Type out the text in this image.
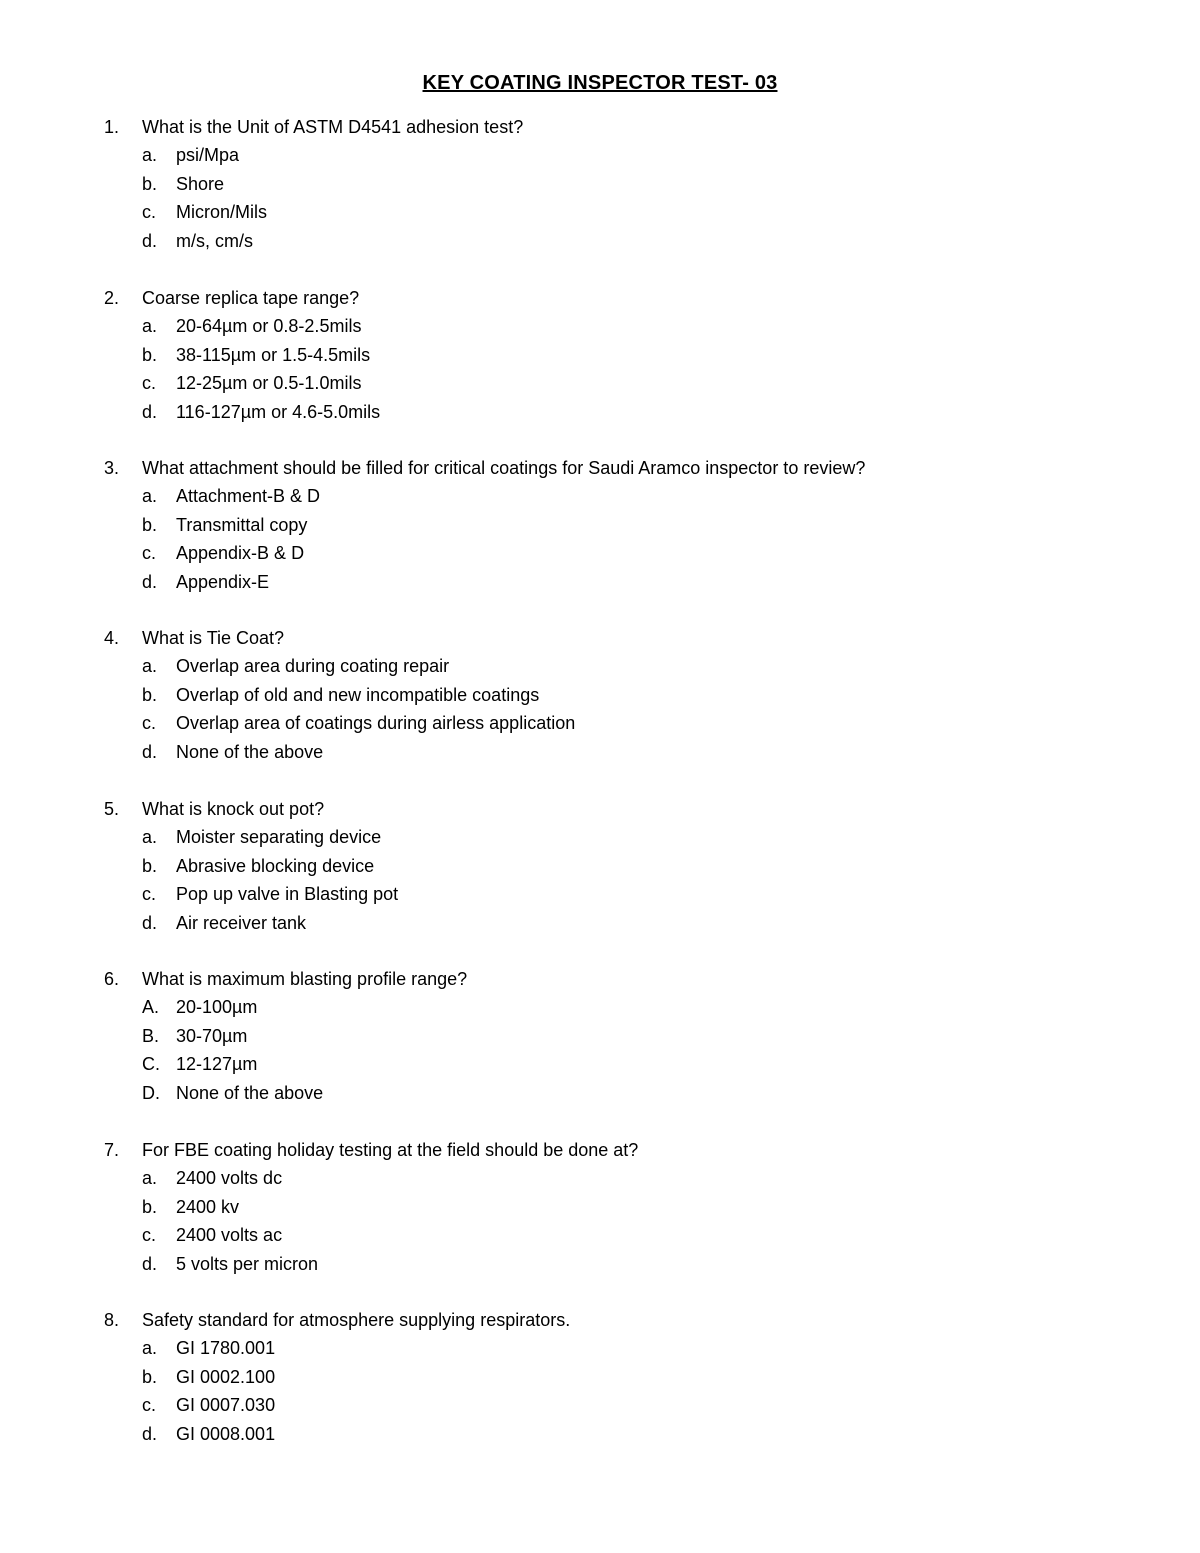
KEY COATING INSPECTOR TEST- 03
1.	What is the Unit of ASTM D4541 adhesion test?
a.	psi/Mpa
b.	Shore
c.	Micron/Mils
d.	m/s, cm/s
2.	Coarse replica tape range?
a.	20-64µm or 0.8-2.5mils
b.	38-115µm or 1.5-4.5mils
c.	12-25µm or 0.5-1.0mils
d.	116-127µm or 4.6-5.0mils
3.	What attachment should be filled for critical coatings for Saudi Aramco inspector to review?
a.	Attachment-B & D
b.	Transmittal copy
c.	Appendix-B & D
d.	Appendix-E
4.	What is Tie Coat?
a.	Overlap area during coating repair
b.	Overlap of old and new incompatible coatings
c.	Overlap area of coatings during airless application
d.	None of the above
5.	What is knock out pot?
a.	Moister separating device
b.	Abrasive blocking device
c.	Pop up valve in Blasting pot
d.	Air receiver tank
6.	What is maximum blasting profile range?
A. 20-100µm
B. 30-70µm
C. 12-127µm
D. None of the above
7.	For FBE coating holiday testing at the field should be done at?
a.	2400 volts dc
b.	2400 kv
c.	2400 volts ac
d.	5 volts per micron
8.	Safety standard for atmosphere supplying respirators.
a.	GI 1780.001
b.	GI 0002.100
c.	GI 0007.030
d.	GI 0008.001
